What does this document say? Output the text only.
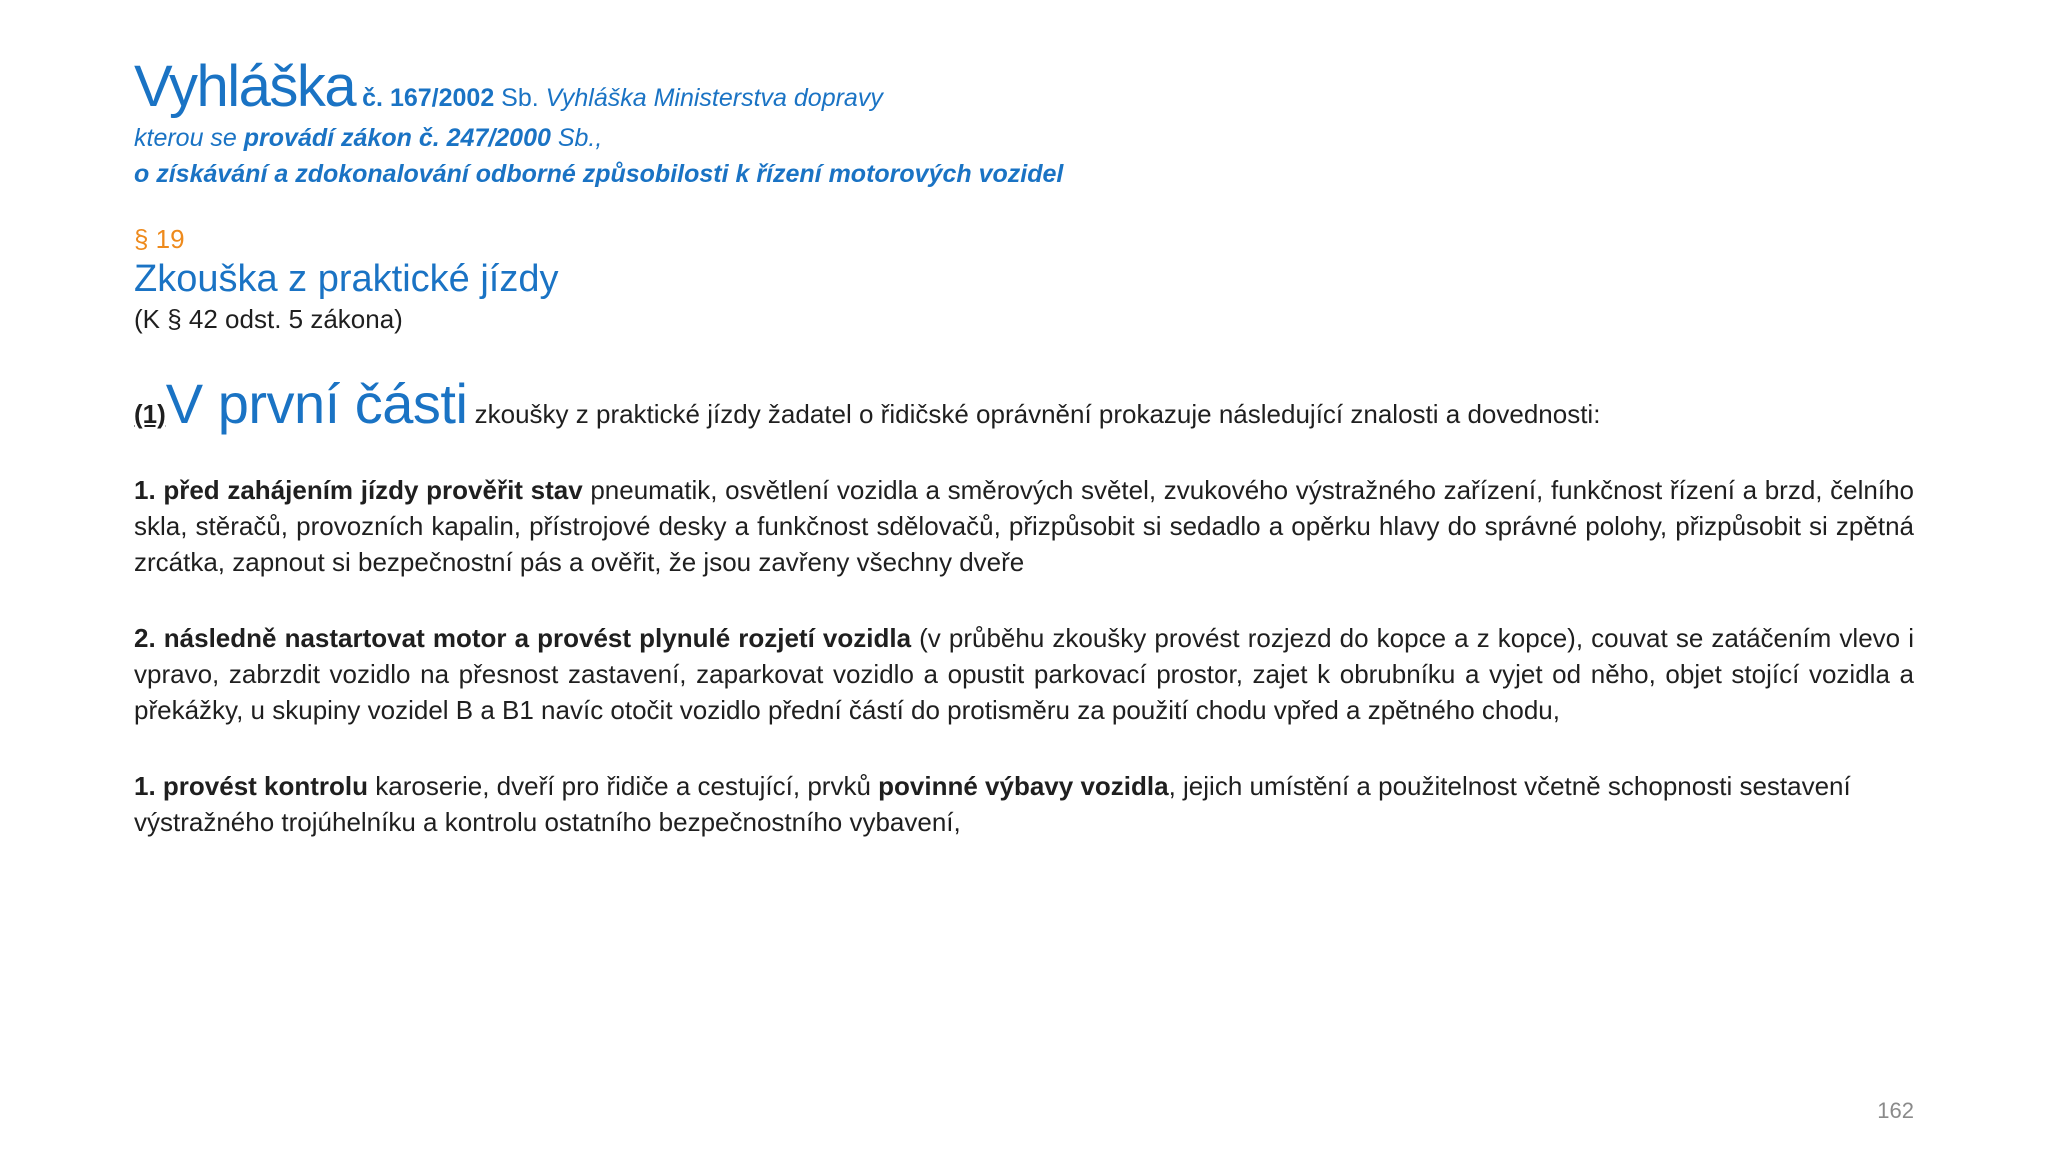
Vyhláška č. 167/2002 Sb. Vyhláška Ministerstva dopravy

kterou se provádí zákon č. 247/2000 Sb.,

o získávání a zdokonalování odborné způsobilosti k řízení motorových vozidel

§ 19

Zkouška z praktické jízdy

(K § 42 odst. 5 zákona)

(1)V první části zkoušky z praktické jízdy žadatel o řidičské oprávnění prokazuje následující znalosti a dovednosti:
1. před zahájením jízdy prověřit stav pneumatik, osvětlení vozidla a směrových světel, zvukového výstražného zařízení, funkčnost řízení a brzd, čelního skla, stěračů, provozních kapalin, přístrojové desky a funkčnost sdělovačů, přizpůsobit si sedadlo a opěrku hlavy do správné polohy, přizpůsobit si zpětná zrcátka, zapnout si bezpečnostní pás a ověřit, že jsou zavřeny všechny dveře
2. následně nastartovat motor a provést plynulé rozjetí vozidla (v průběhu zkoušky provést rozjezd do kopce a z kopce), couvat se zatáčením vlevo i vpravo, zabrzdit vozidlo na přesnost zastavení, zaparkovat vozidlo a opustit parkovací prostor, zajet k obrubníku a vyjet od něho, objet stojící vozidla a překážky, u skupiny vozidel B a B1 navíc otočit vozidlo přední částí do protisměru za použití chodu vpřed a zpětného chodu,
1. provést kontrolu karoserie, dveří pro řidiče a cestující, prvků povinné výbavy vozidla, jejich umístění a použitelnost včetně schopnosti sestavení výstražného trojúhelníku a kontrolu ostatního bezpečnostního vybavení,
162
